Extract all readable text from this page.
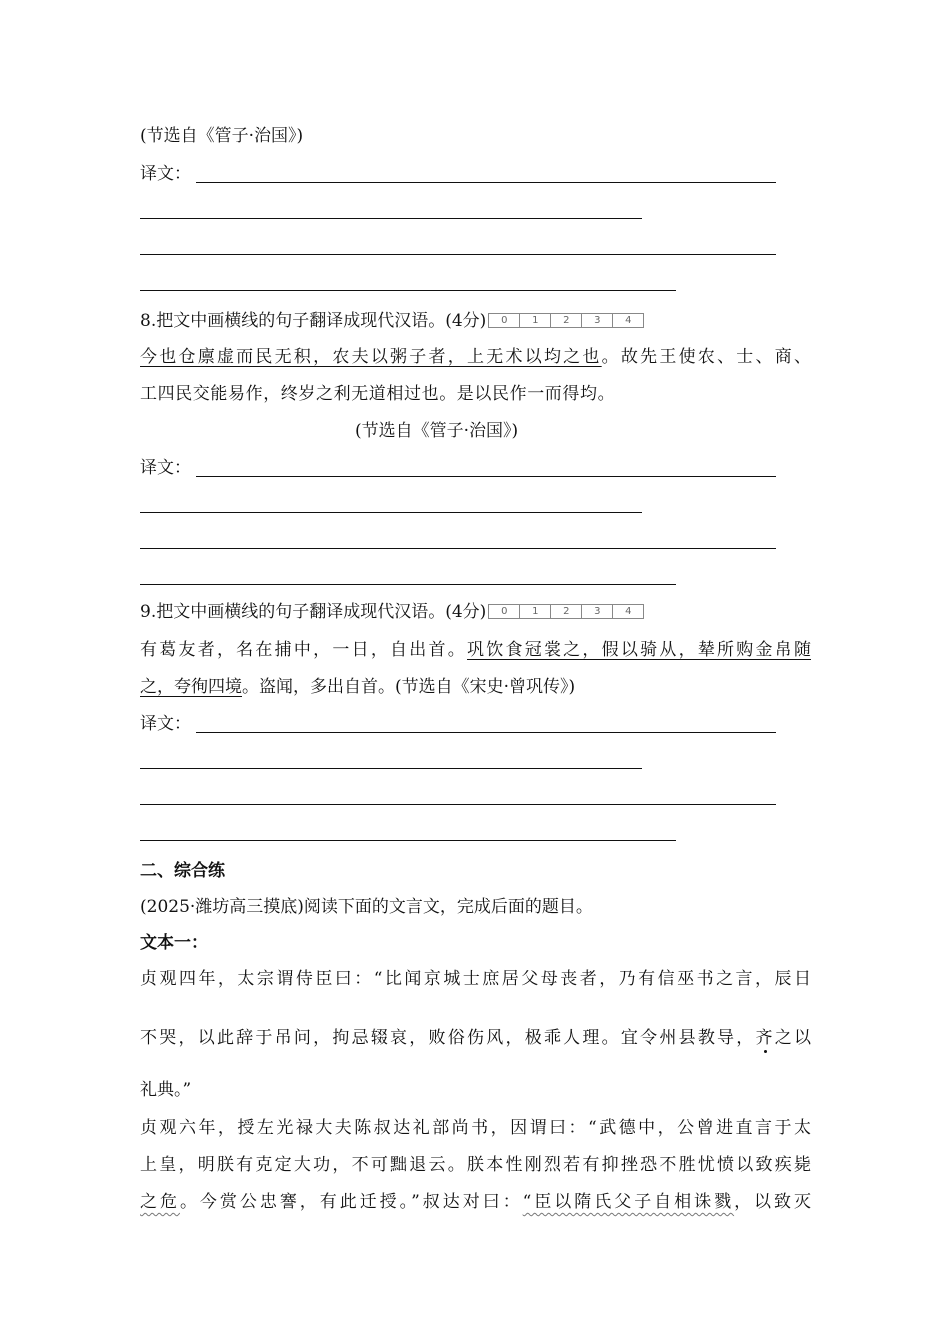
(节选自《管子·治国》)
译文：
8.把文中画横线的句子翻译成现代汉语。(4分)	0	1	2	3	4
今也仓廪虚而民无积，农夫以粥子者，上无术以均之也。故先王使农、士、商、
工四民交能易作，终岁之利无道相过也。是以民作一而得均。
(节选自《管子·治国》)
译文：
9.把文中画横线的句子翻译成现代汉语。(4分)	0	1	2	3	4
有葛友者，名在捕中，一日，自出首。巩饮食冠裳之，假以骑从，辇所购金帛随
之，夸徇四境。盗闻，多出自首。(节选自《宋史·曾巩传》)
译文：
二、综合练
(2025·潍坊高三摸底)阅读下面的文言文，完成后面的题目。
文本一：
贞观四年，太宗谓侍臣曰：“比闻京城士庶居父母丧者，乃有信巫书之言，辰日
不哭，以此辞于吊问，拘忌辍哀，败俗伤风，极乖人理。宜令州县教导，齐之以
礼典。”
贞观六年，授左光禄大夫陈叔达礼部尚书，因谓曰：“武德中，公曾进直言于太
上皇，明朕有克定大功，不可黜退云。朕本性刚烈若有抑挫恐不胜忧愤以致疾毙
之危。今赏公忠謇，有此迁授。”叔达对曰：“臣以隋氏父子自相诛戮，以致灭
